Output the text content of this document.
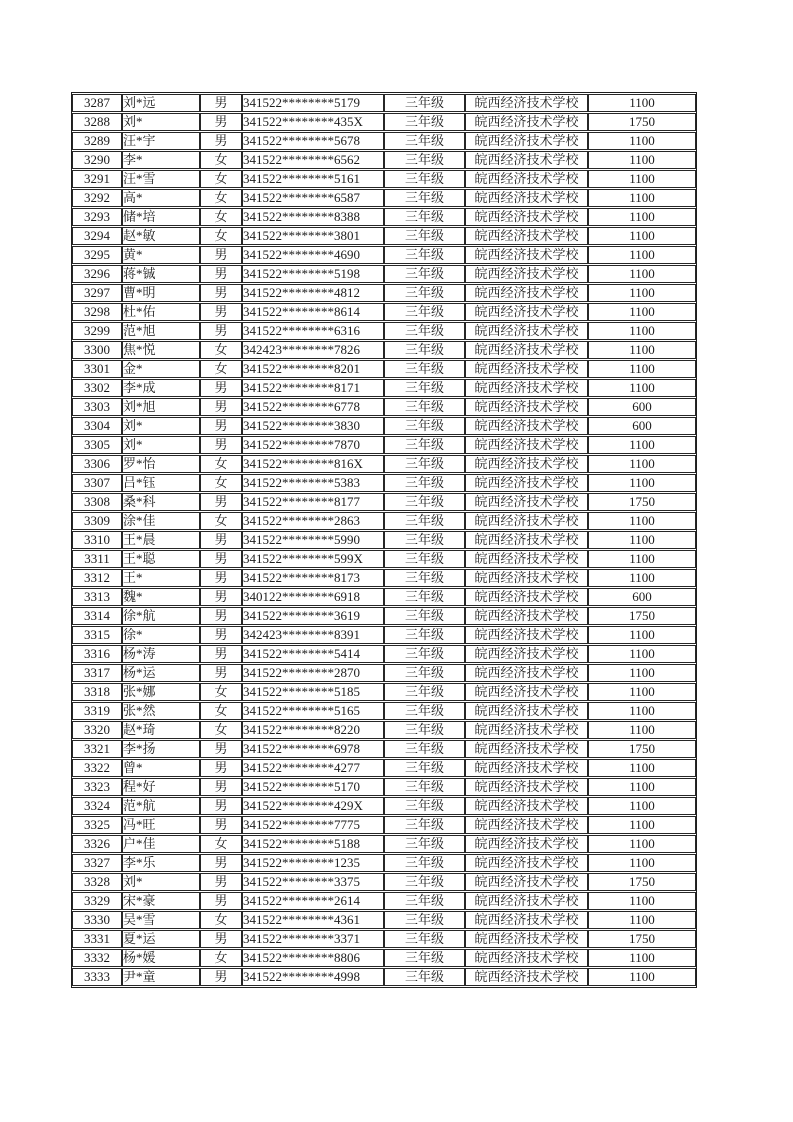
3287	刘*远	男	341522********5179	三年级	皖西经济技术学校	1100
3288	刘*	男	341522********435X	三年级	皖西经济技术学校	1750
3289	汪*宇	男	341522********5678	三年级	皖西经济技术学校	1100
3290	李*	女	341522********6562	三年级	皖西经济技术学校	1100
3291	汪*雪	女	341522********5161	三年级	皖西经济技术学校	1100
3292	高*	女	341522********6587	三年级	皖西经济技术学校	1100
3293	储*培	女	341522********8388	三年级	皖西经济技术学校	1100
3294	赵*敏	女	341522********3801	三年级	皖西经济技术学校	1100
3295	黄*	男	341522********4690	三年级	皖西经济技术学校	1100
3296	蒋*铖	男	341522********5198	三年级	皖西经济技术学校	1100
3297	曹*明	男	341522********4812	三年级	皖西经济技术学校	1100
3298	杜*佑	男	341522********8614	三年级	皖西经济技术学校	1100
3299	范*旭	男	341522********6316	三年级	皖西经济技术学校	1100
3300	焦*悦	女	342423********7826	三年级	皖西经济技术学校	1100
3301	金*	女	341522********8201	三年级	皖西经济技术学校	1100
3302	李*成	男	341522********8171	三年级	皖西经济技术学校	1100
3303	刘*旭	男	341522********6778	三年级	皖西经济技术学校	600
3304	刘*	男	341522********3830	三年级	皖西经济技术学校	600
3305	刘*	男	341522********7870	三年级	皖西经济技术学校	1100
3306	罗*怡	女	341522********816X	三年级	皖西经济技术学校	1100
3307	吕*钰	女	341522********5383	三年级	皖西经济技术学校	1100
3308	桑*科	男	341522********8177	三年级	皖西经济技术学校	1750
3309	涂*佳	女	341522********2863	三年级	皖西经济技术学校	1100
3310	王*晨	男	341522********5990	三年级	皖西经济技术学校	1100
3311	王*聪	男	341522********599X	三年级	皖西经济技术学校	1100
3312	王*	男	341522********8173	三年级	皖西经济技术学校	1100
3313	魏*	男	340122********6918	三年级	皖西经济技术学校	600
3314	徐*航	男	341522********3619	三年级	皖西经济技术学校	1750
3315	徐*	男	342423********8391	三年级	皖西经济技术学校	1100
3316	杨*涛	男	341522********5414	三年级	皖西经济技术学校	1100
3317	杨*运	男	341522********2870	三年级	皖西经济技术学校	1100
3318	张*娜	女	341522********5185	三年级	皖西经济技术学校	1100
3319	张*然	女	341522********5165	三年级	皖西经济技术学校	1100
3320	赵*琦	女	341522********8220	三年级	皖西经济技术学校	1100
3321	李*扬	男	341522********6978	三年级	皖西经济技术学校	1750
3322	曾*	男	341522********4277	三年级	皖西经济技术学校	1100
3323	程*好	男	341522********5170	三年级	皖西经济技术学校	1100
3324	范*航	男	341522********429X	三年级	皖西经济技术学校	1100
3325	冯*旺	男	341522********7775	三年级	皖西经济技术学校	1100
3326	户*佳	女	341522********5188	三年级	皖西经济技术学校	1100
3327	李*乐	男	341522********1235	三年级	皖西经济技术学校	1100
3328	刘*	男	341522********3375	三年级	皖西经济技术学校	1750
3329	宋*豪	男	341522********2614	三年级	皖西经济技术学校	1100
3330	吴*雪	女	341522********4361	三年级	皖西经济技术学校	1100
3331	夏*运	男	341522********3371	三年级	皖西经济技术学校	1750
3332	杨*媛	女	341522********8806	三年级	皖西经济技术学校	1100
3333	尹*童	男	341522********4998	三年级	皖西经济技术学校	1100
